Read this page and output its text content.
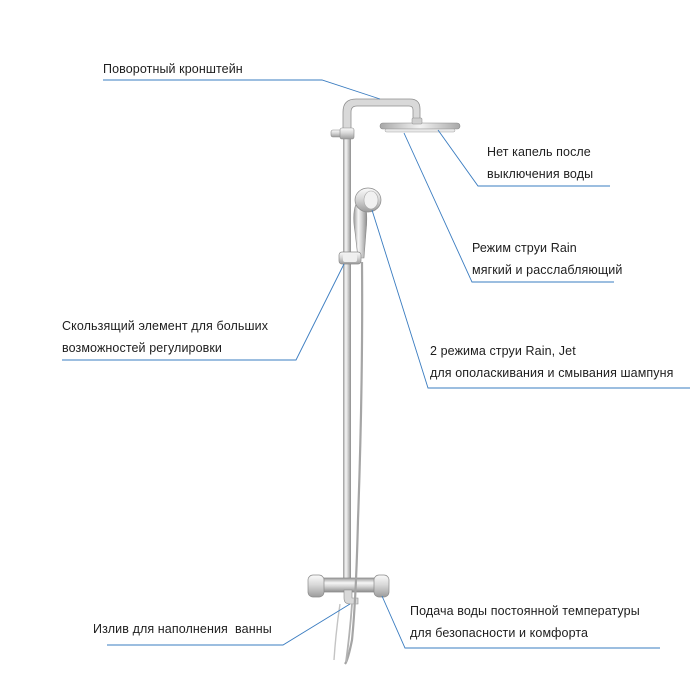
Поворотный кронштейн
Нет капель после
выключения воды
Режим струи Rain
мягкий и расслабляющий
Скользящий элемент для больших
возможностей регулировки	2 режима струи Rain, Jet
для ополаскивания и смывания шампуня
Излив для наполнения  ванны
Подача воды постоянной температуры
для безопасности и комфорта
